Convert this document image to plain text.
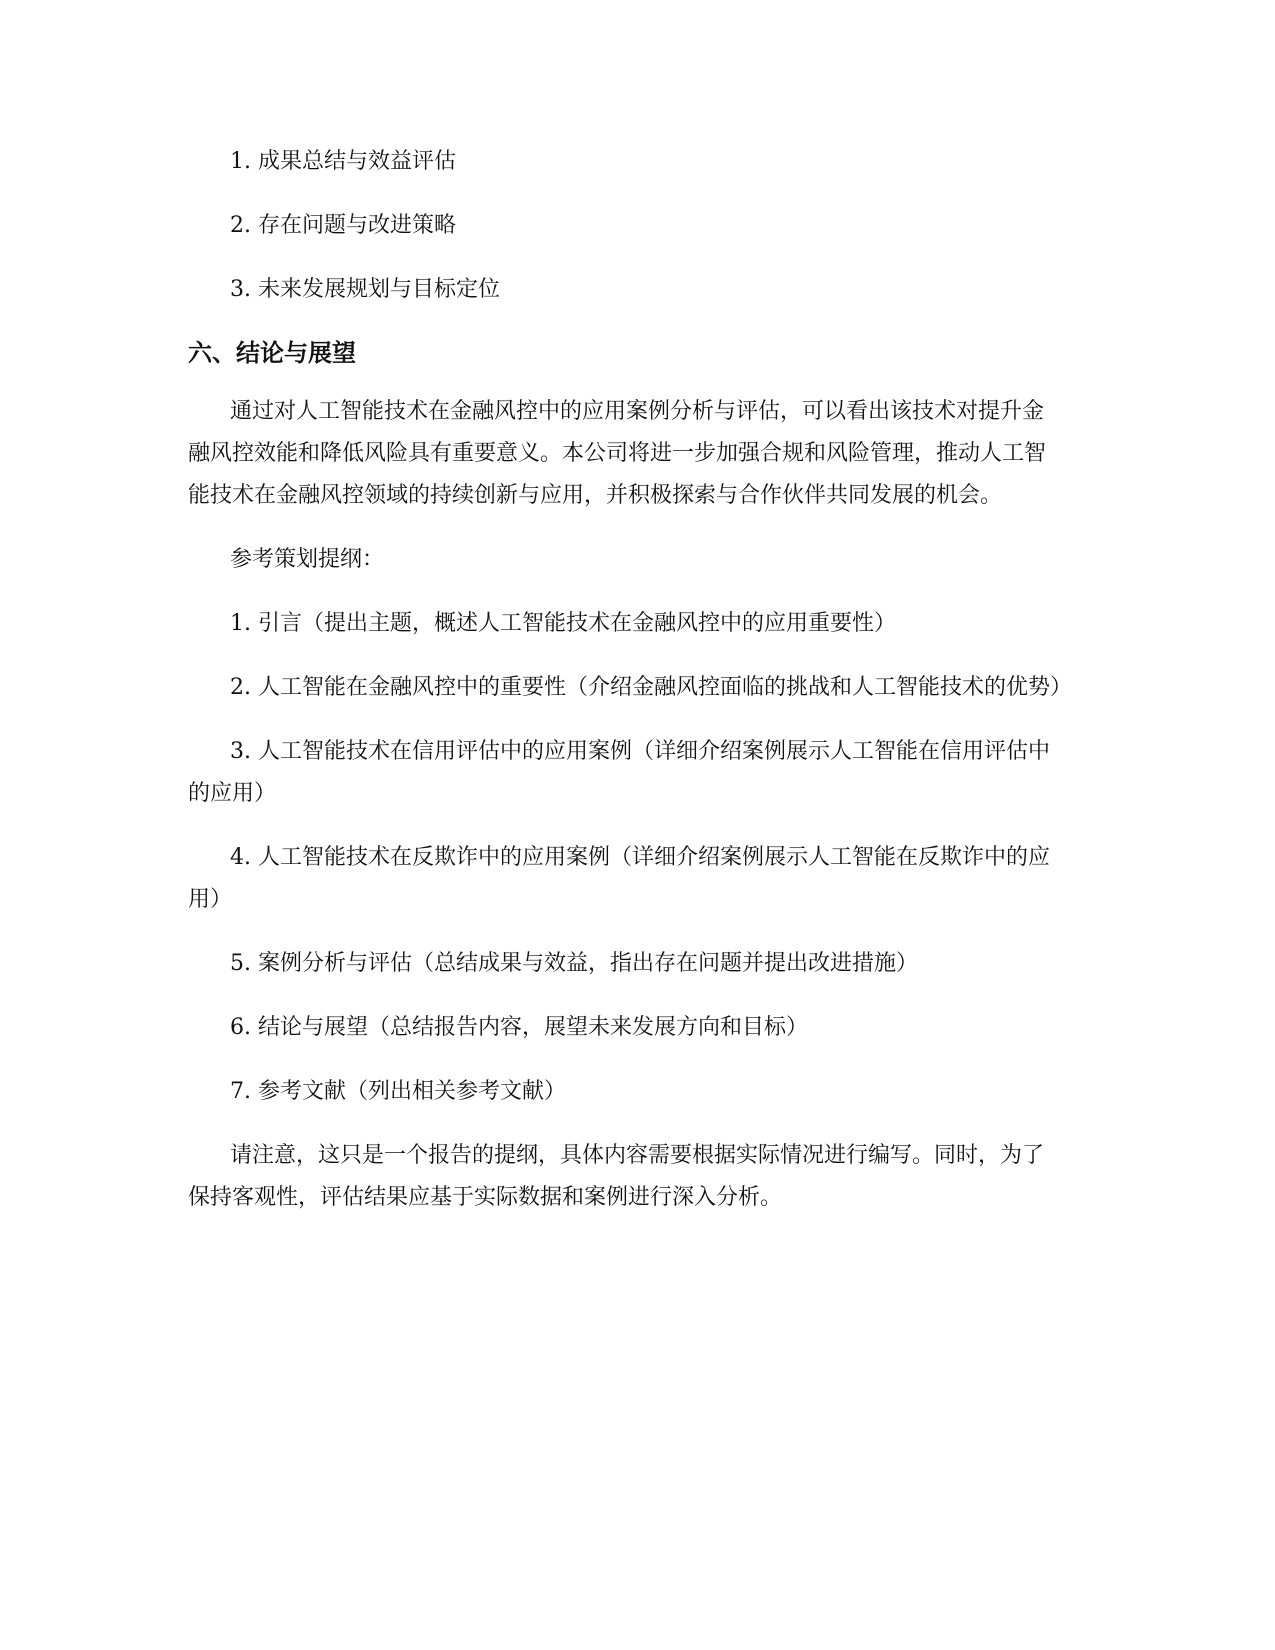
1. 成果总结与效益评估

2. 存在问题与改进策略

3. 未来发展规划与目标定位

六、结论与展望

通过对人工智能技术在金融风控中的应用案例分析与评估，可以看出该技术对提升金融风控效能和降低风险具有重要意义。本公司将进一步加强合规和风险管理，推动人工智能技术在金融风控领域的持续创新与应用，并积极探索与合作伙伴共同发展的机会。

参考策划提纲：

1. 引言（提出主题，概述人工智能技术在金融风控中的应用重要性）

2. 人工智能在金融风控中的重要性（介绍金融风控面临的挑战和人工智能技术的优势）

3. 人工智能技术在信用评估中的应用案例（详细介绍案例展示人工智能在信用评估中的应用）

4. 人工智能技术在反欺诈中的应用案例（详细介绍案例展示人工智能在反欺诈中的应用）

5. 案例分析与评估（总结成果与效益，指出存在问题并提出改进措施）

6. 结论与展望（总结报告内容，展望未来发展方向和目标）

7. 参考文献（列出相关参考文献）

请注意，这只是一个报告的提纲，具体内容需要根据实际情况进行编写。同时，为了保持客观性，评估结果应基于实际数据和案例进行深入分析。
